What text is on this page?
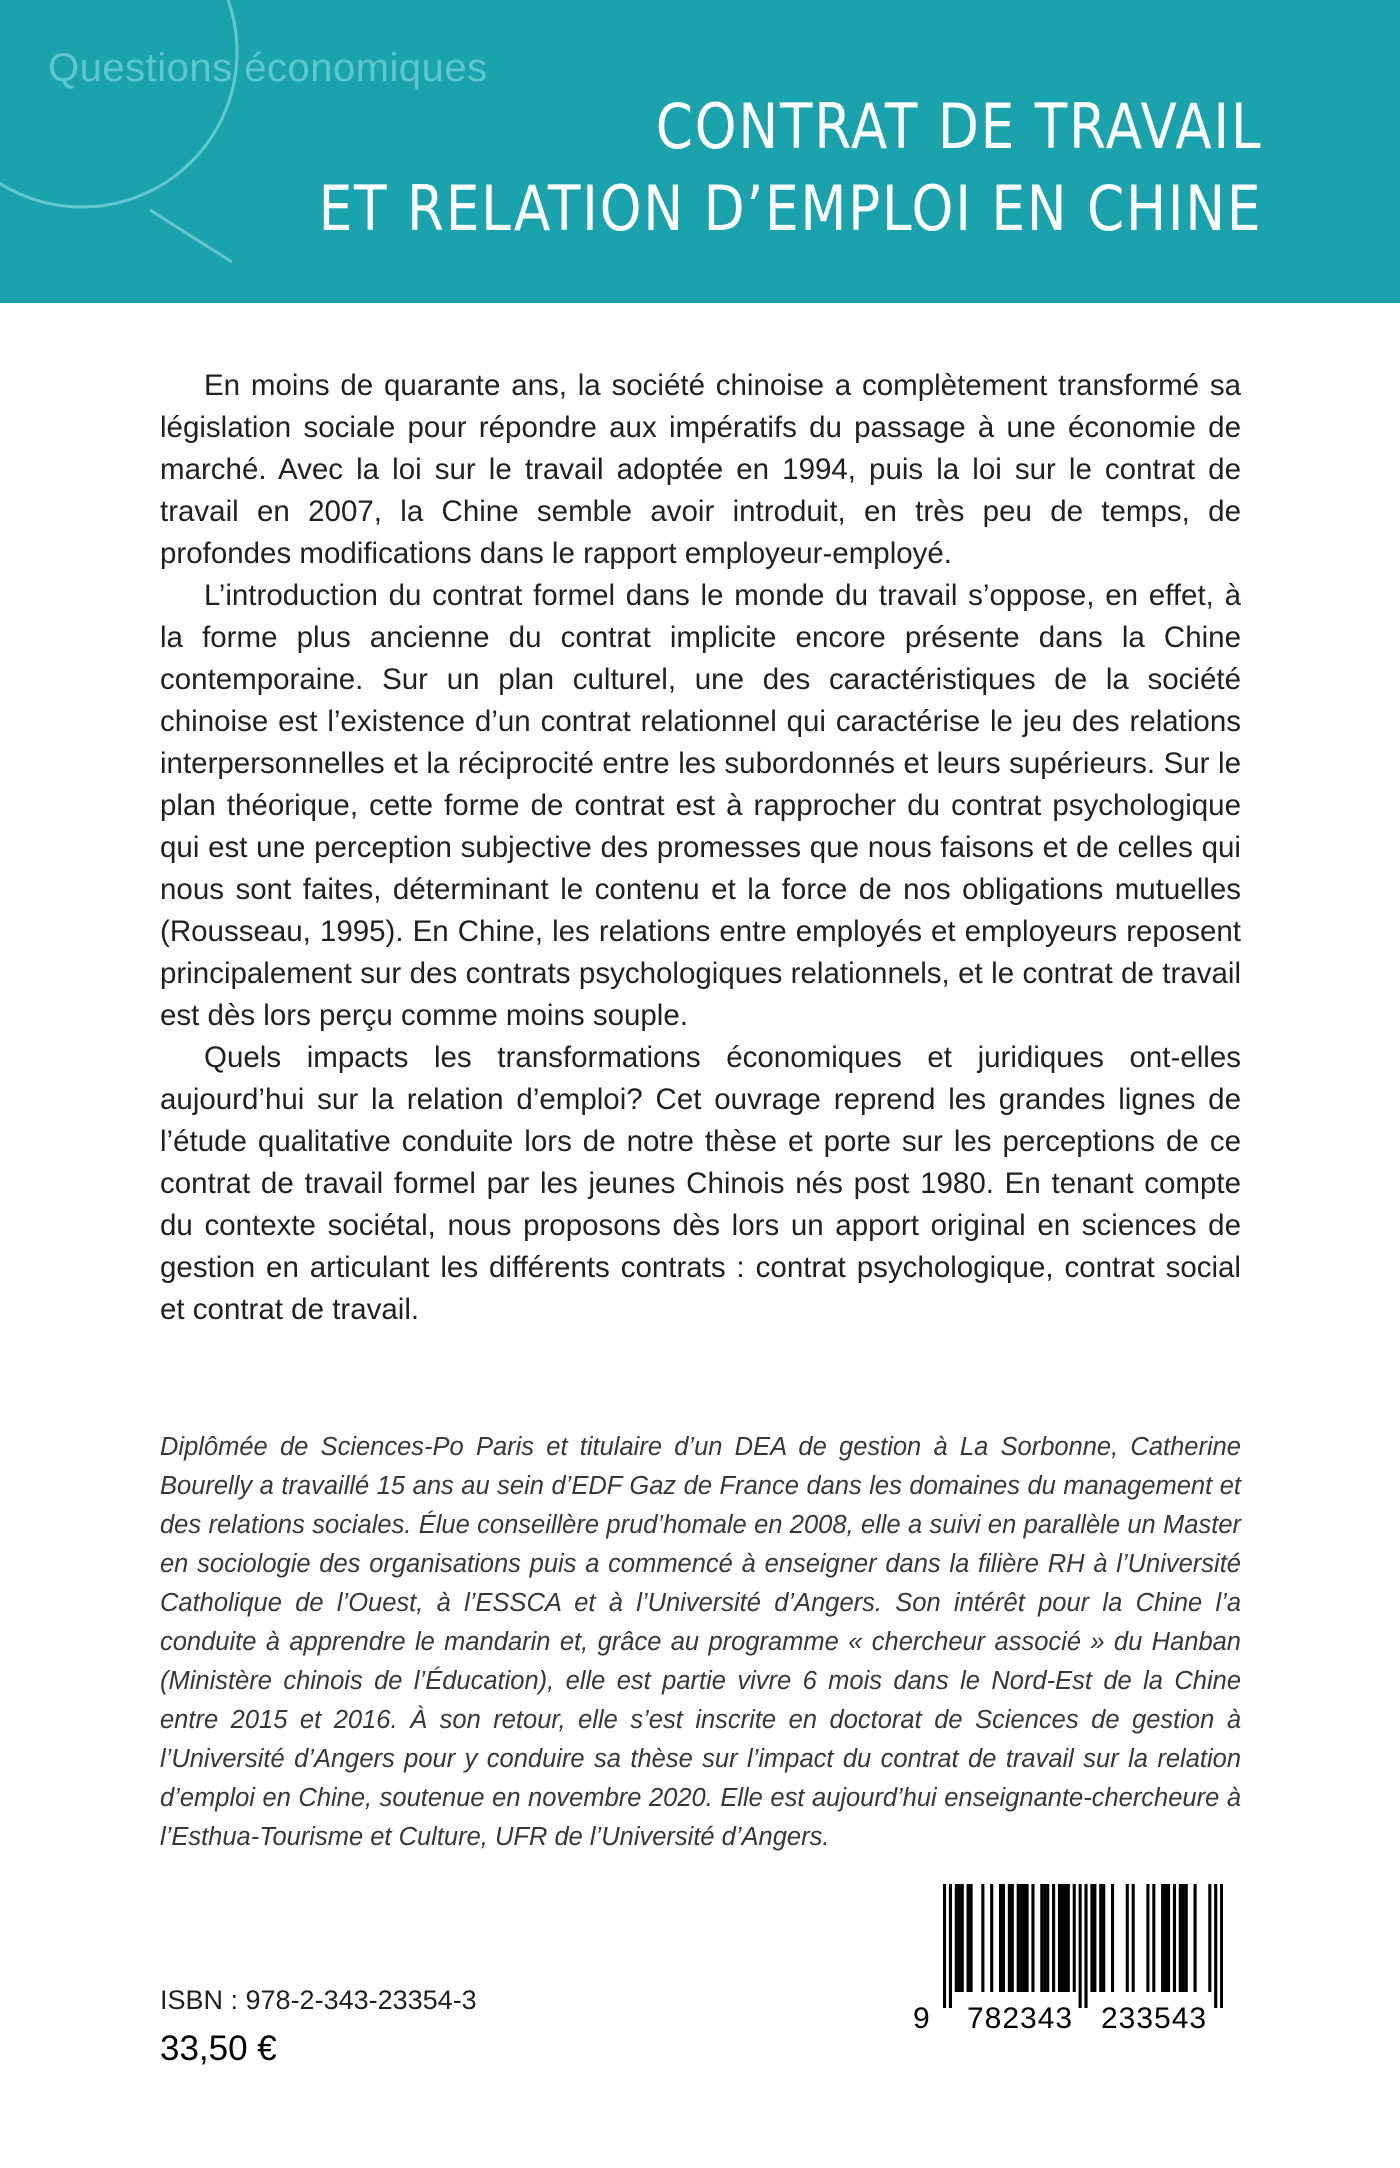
Questions économiques
CONTRAT DE TRAVAIL
ET RELATION D’EMPLOI EN CHINE

En moins de quarante ans, la société chinoise a complètement transformé sa législation sociale pour répondre aux impératifs du passage à une économie de marché. Avec la loi sur le travail adoptée en 1994, puis la loi sur le contrat de travail en 2007, la Chine semble avoir introduit, en très peu de temps, de profondes modifications dans le rapport employeur-employé.

L’introduction du contrat formel dans le monde du travail s’oppose, en effet, à la forme plus ancienne du contrat implicite encore présente dans la Chine contemporaine. Sur un plan culturel, une des caractéristiques de la société chinoise est l’existence d’un contrat relationnel qui caractérise le jeu des relations interpersonnelles et la réciprocité entre les subordonnés et leurs supérieurs. Sur le plan théorique, cette forme de contrat est à rapprocher du contrat psychologique qui est une perception subjective des promesses que nous faisons et de celles qui nous sont faites, déterminant le contenu et la force de nos obligations mutuelles (Rousseau, 1995). En Chine, les relations entre employés et employeurs reposent principalement sur des contrats psychologiques relationnels, et le contrat de travail est dès lors perçu comme moins souple.

Quels impacts les transformations économiques et juridiques ont-elles aujourd’hui sur la relation d’emploi? Cet ouvrage reprend les grandes lignes de l’étude qualitative conduite lors de notre thèse et porte sur les perceptions de ce contrat de travail formel par les jeunes Chinois nés post 1980. En tenant compte du contexte sociétal, nous proposons dès lors un apport original en sciences de gestion en articulant les différents contrats : contrat psychologique, contrat social et contrat de travail.

Diplômée de Sciences-Po Paris et titulaire d’un DEA de gestion à La Sorbonne, Catherine Bourelly a travaillé 15 ans au sein d’EDF Gaz de France dans les domaines du management et des relations sociales. Élue conseillère prud’homale en 2008, elle a suivi en parallèle un Master en sociologie des organisations puis a commencé à enseigner dans la filière RH à l’Université Catholique de l’Ouest, à l’ESSCA et à l’Université d’Angers. Son intérêt pour la Chine l’a conduite à apprendre le mandarin et, grâce au programme « chercheur associé » du Hanban (Ministère chinois de l’Éducation), elle est partie vivre 6 mois dans le Nord-Est de la Chine entre 2015 et 2016. À son retour, elle s’est inscrite en doctorat de Sciences de gestion à l’Université d’Angers pour y conduire sa thèse sur l’impact du contrat de travail sur la relation d’emploi en Chine, soutenue en novembre 2020. Elle est aujourd’hui enseignante-chercheure à l’Esthua-Tourisme et Culture, UFR de l’Université d’Angers.

ISBN : 978-2-343-23354-3
33,50 €
9 782343 233543
